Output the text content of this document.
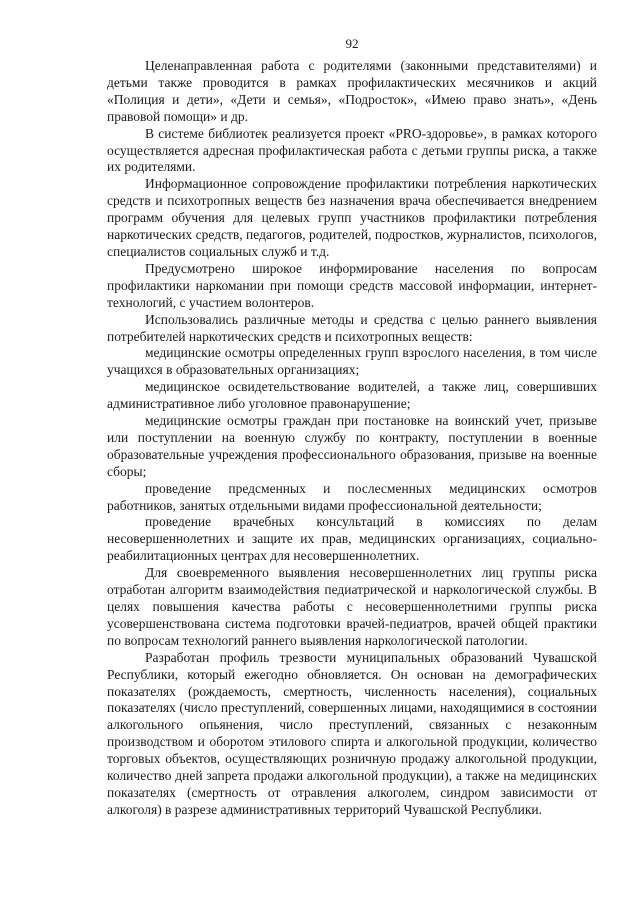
92

Целенаправленная работа с родителями (законными представителями) и детьми также проводится в рамках профилактических месячников и акций «Полиция и дети», «Дети и семья», «Подросток», «Имею право знать», «День правовой помощи» и др.

В системе библиотек реализуется проект «PRO-здоровье», в рамках которого осуществляется адресная профилактическая работа с детьми группы риска, а также их родителями.

Информационное сопровождение профилактики потребления наркотических средств и психотропных веществ без назначения врача обеспечивается внедрением программ обучения для целевых групп участников профилактики потребления наркотических средств, педагогов, родителей, подростков, журналистов, психологов, специалистов социальных служб и т.д.

Предусмотрено широкое информирование населения по вопросам профилактики наркомании при помощи средств массовой информации, интернет-технологий, с участием волонтеров.

Использовались различные методы и средства с целью раннего выявления потребителей наркотических средств и психотропных веществ:

медицинские осмотры определенных групп взрослого населения, в том числе учащихся в образовательных организациях;

медицинское освидетельствование водителей, а также лиц, совершивших административное либо уголовное правонарушение;

медицинские осмотры граждан при постановке на воинский учет, призыве или поступлении на военную службу по контракту, поступлении в военные образовательные учреждения профессионального образования, призыве на военные сборы;

проведение предсменных и послесменных медицинских осмотров работников, занятых отдельными видами профессиональной деятельности;

проведение врачебных консультаций в комиссиях по делам несовершеннолетних и защите их прав, медицинских организациях, социально-реабилитационных центрах для несовершеннолетних.

Для своевременного выявления несовершеннолетних лиц группы риска отработан алгоритм взаимодействия педиатрической и наркологической службы. В целях повышения качества работы с несовершеннолетними группы риска усовершенствована система подготовки врачей-педиатров, врачей общей практики по вопросам технологий раннего выявления наркологической патологии.

Разработан профиль трезвости муниципальных образований Чувашской Республики, который ежегодно обновляется. Он основан на демографических показателях (рождаемость, смертность, численность населения), социальных показателях (число преступлений, совершенных лицами, находящимися в состоянии алкогольного опьянения, число преступлений, связанных с незаконным производством и оборотом этилового спирта и алкогольной продукции, количество торговых объектов, осуществляющих розничную продажу алкогольной продукции, количество дней запрета продажи алкогольной продукции), а также на медицинских показателях (смертность от отравления алкоголем, синдром зависимости от алкоголя) в разрезе административных территорий Чувашской Республики.
